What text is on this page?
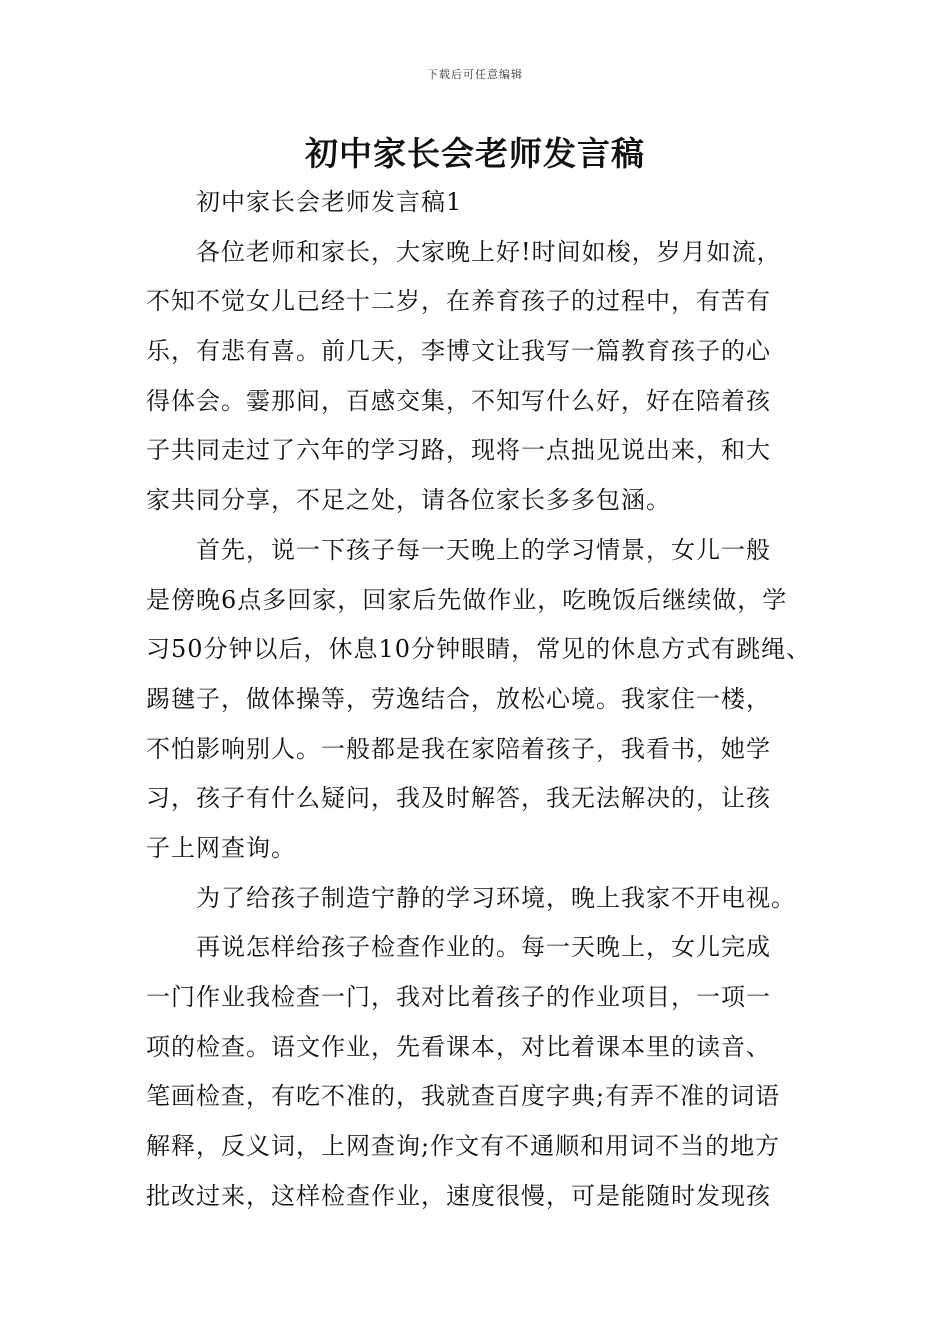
下载后可任意编辑
初中家长会老师发言稿
初中家长会老师发言稿1
各位老师和家长，大家晚上好!时间如梭，岁月如流，
不知不觉女儿已经十二岁，在养育孩子的过程中，有苦有
乐，有悲有喜。前几天，李博文让我写一篇教育孩子的心
得体会。霎那间，百感交集，不知写什么好，好在陪着孩
子共同走过了六年的学习路，现将一点拙见说出来，和大
家共同分享，不足之处，请各位家长多多包涵。
首先，说一下孩子每一天晚上的学习情景，女儿一般
是傍晚6点多回家，回家后先做作业，吃晚饭后继续做，学
习50分钟以后，休息10分钟眼睛，常见的休息方式有跳绳、
踢毽子，做体操等，劳逸结合，放松心境。我家住一楼，
不怕影响别人。一般都是我在家陪着孩子，我看书，她学
习，孩子有什么疑问，我及时解答，我无法解决的，让孩
子上网查询。
为了给孩子制造宁静的学习环境，晚上我家不开电视。
再说怎样给孩子检查作业的。每一天晚上，女儿完成
一门作业我检查一门，我对比着孩子的作业项目，一项一
项的检查。语文作业，先看课本，对比着课本里的读音、
笔画检查，有吃不准的，我就查百度字典;有弄不准的词语
解释，反义词，上网查询;作文有不通顺和用词不当的地方
批改过来，这样检查作业，速度很慢，可是能随时发现孩
